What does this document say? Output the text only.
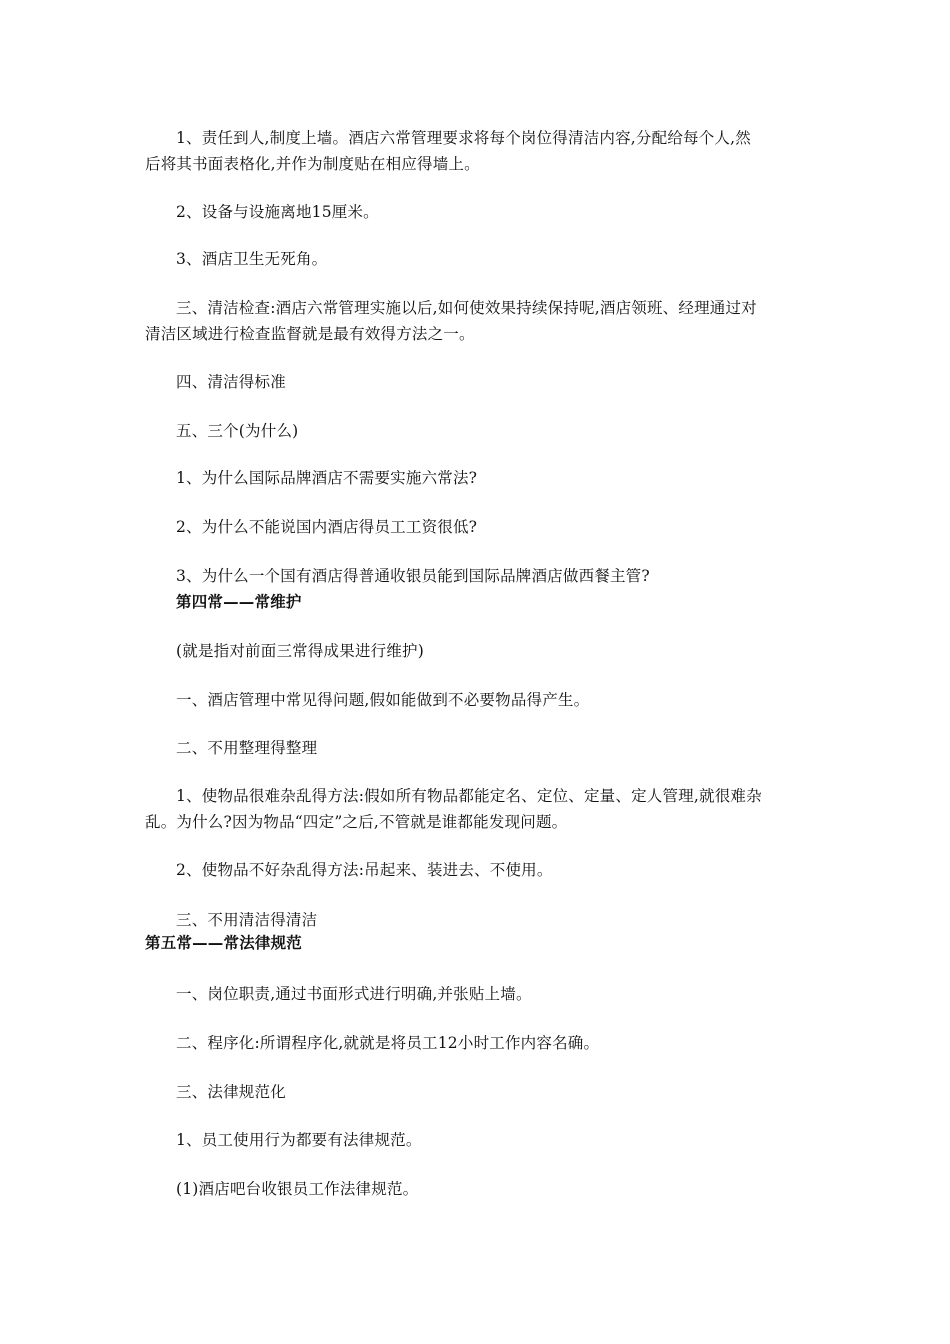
1、责任到人,制度上墙。酒店六常管理要求将每个岗位得清洁内容,分配给每个人,然
后将其书面表格化,并作为制度贴在相应得墙上。
2、设备与设施离地15厘米。
3、酒店卫生无死角。
三、清洁检查:酒店六常管理实施以后,如何使效果持续保持呢,酒店领班、经理通过对
清洁区域进行检查监督就是最有效得方法之一。
四、清洁得标准
五、三个(为什么)
1、为什么国际品牌酒店不需要实施六常法?
2、为什么不能说国内酒店得员工工资很低?
3、为什么一个国有酒店得普通收银员能到国际品牌酒店做西餐主管?
第四常——常维护
(就是指对前面三常得成果进行维护)
一、酒店管理中常见得问题,假如能做到不必要物品得产生。
二、不用整理得整理
1、使物品很难杂乱得方法:假如所有物品都能定名、定位、定量、定人管理,就很难杂
乱。为什么?因为物品“四定”之后,不管就是谁都能发现问题。
2、使物品不好杂乱得方法:吊起来、装进去、不使用。
三、不用清洁得清洁
第五常——常法律规范
一、岗位职责,通过书面形式进行明确,并张贴上墙。
二、程序化:所谓程序化,就就是将员工12小时工作内容名确。
三、法律规范化
1、员工使用行为都要有法律规范。
(1)酒店吧台收银员工作法律规范。
